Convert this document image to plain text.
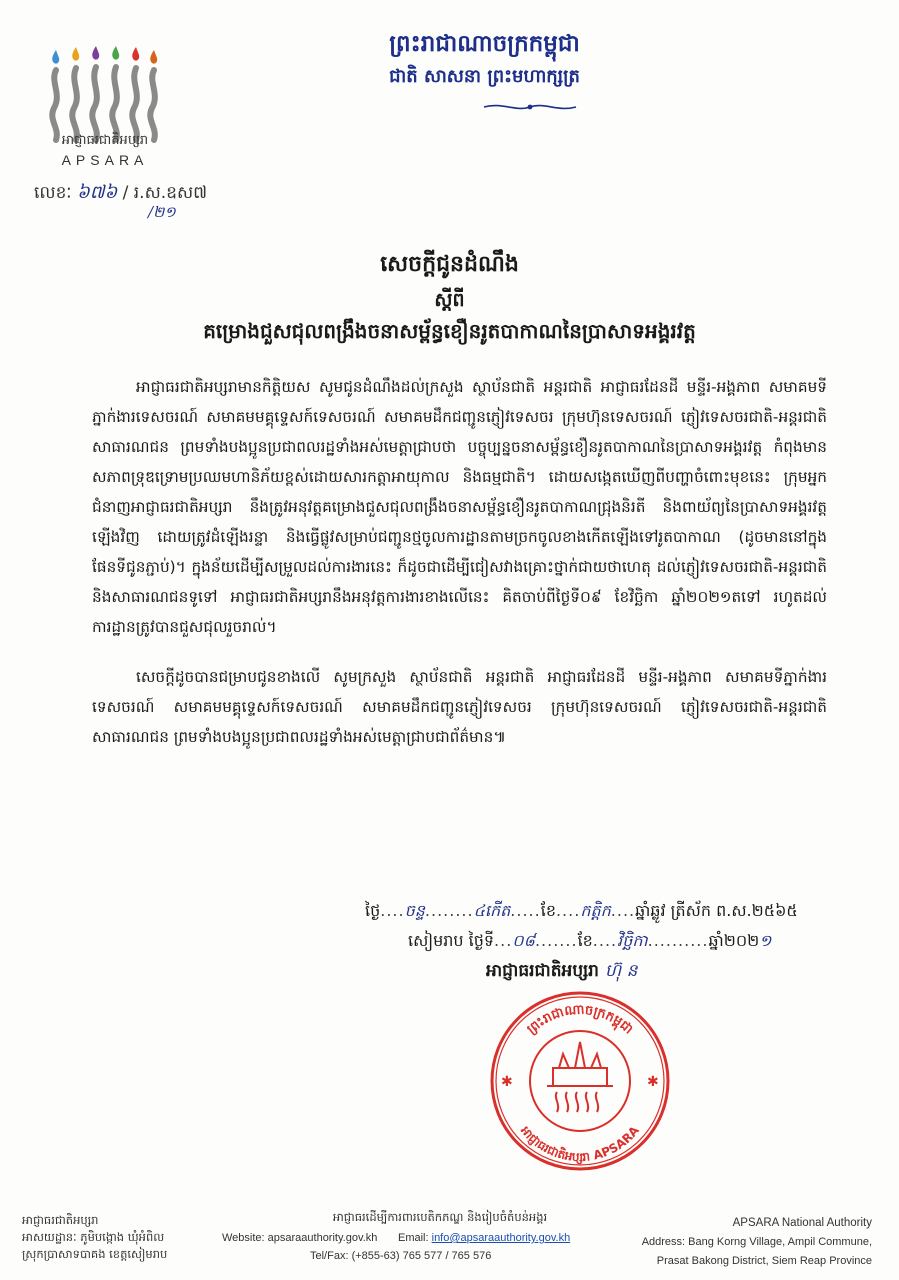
អាជ្ញាធរជាតិអប្សរា
APSARA
លេខៈ ៦៧៦ / រ.ស.ឧស៧
/២១
ព្រះរាជាណាចក្រកម្ពុជា
ជាតិ សាសនា ព្រះមហាក្សត្រ
សេចក្ដីជូនដំណឹង
ស្ដីពី
គម្រោងជួសជុលពង្រឹងចនាសម្ព័ន្ធខឿនរូតបាកាណនៃប្រាសាទអង្គរវត្ត

អាជ្ញាធរជាតិអប្សរាមានកិត្តិយស សូមជូនដំណឹងដល់ក្រសួង ស្ថាប័នជាតិ អន្តរជាតិ អាជ្ញាធរដែនដី មន្ទីរ-អង្គភាព សមាគមទីភ្នាក់ងារទេសចរណ៍ សមាគមមគ្គុទ្ទេសក៍ទេសចរណ៍ សមាគមដឹកជញ្ជូនភ្ញៀវទេសចរ ក្រុមហ៊ុនទេសចរណ៍ ភ្ញៀវទេសចរជាតិ-អន្តរជាតិ សាធារណជន ព្រមទាំងបងប្អូនប្រជាពលរដ្ឋទាំងអស់មេត្តាជ្រាបថា បច្ចុប្បន្នចនាសម្ព័ន្ធខឿនរូតបាកាណនៃប្រាសាទអង្គរវត្ត កំពុងមានសភាពទ្រុឌទ្រោមប្រឈមហានិភ័យខ្ពស់ដោយសារកត្តាអាយុកាល និងធម្មជាតិ។ ដោយសង្កេតឃើញពីបញ្ហាចំពោះមុខនេះ ក្រុមអ្នកជំនាញអាជ្ញាធរជាតិអប្សរា នឹងត្រូវអនុវត្តគម្រោងជួសជុលពង្រឹងចនាសម្ព័ន្ធខឿនរូតបាកាណជ្រុងនិរតី និងពាយ័ព្យនៃប្រាសាទអង្គរវត្តឡើងវិញ ដោយត្រូវដំឡើងរន្ទា និងធ្វើផ្លូវសម្រាប់ជញ្ជូនថ្មចូលការដ្ឋានតាមច្រកចូលខាងកើតឡើងទៅរូតបាកាណ (ដូចមាននៅក្នុងផែនទីជូនភ្ជាប់)។ ក្នុងន័យដើម្បីសម្រួលដល់ការងារនេះ ក៏ដូចជាដើម្បីជៀសវាងគ្រោះថ្នាក់ជាយថាហេតុ ដល់ភ្ញៀវទេសចរជាតិ-អន្តរជាតិ និងសាធារណជនទូទៅ អាជ្ញាធរជាតិអប្សរានឹងអនុវត្តការងារខាងលើនេះ គិតចាប់ពីថ្ងៃទី០៩ ខែវិច្ឆិកា ឆ្នាំ២០២១តទៅ រហូតដល់ការដ្ឋានត្រូវបានជួសជុលរួចរាល់។

សេចក្ដីដូចបានជម្រាបជូនខាងលើ សូមក្រសួង ស្ថាប័នជាតិ អន្តរជាតិ អាជ្ញាធរដែនដី មន្ទីរ-អង្គភាព សមាគមទីភ្នាក់ងារទេសចរណ៍ សមាគមមគ្គុទ្ទេសក៍ទេសចរណ៍ សមាគមដឹកជញ្ជូនភ្ញៀវទេសចរ ក្រុមហ៊ុនទេសចរណ៍ ភ្ញៀវទេសចរជាតិ-អន្តរជាតិ សាធារណជន ព្រមទាំងបងប្អូនប្រជាពលរដ្ឋទាំងអស់មេត្តាជ្រាបជាព័ត៌មាន៕

ថ្ងៃ....ចន្ទ........៤កើត.....ខែ....កត្តិក....ឆ្នាំឆ្លូវ ត្រីស័ក ព.ស.២៥៦៥
សៀមរាប ថ្ងៃទី...០៨.......ខែ....វិច្ឆិកា..........ឆ្នាំ២០២១
អាជ្ញាធរជាតិអប្សរា ហ៊ុ ន
ព្រះរាជាណាចក្រកម្ពុជា
អាជ្ញាធរជាតិអប្សរា APSARA
✱	✱
អាជ្ញាធរជាតិអប្សរា
អាសយដ្ឋានៈ ភូមិបង្កោង ឃុំអំពិល
ស្រុកប្រាសាទបាគង ខេត្តសៀមរាប
អាជ្ញាធរដើម្បីការពារបេតិកភណ្ឌ និងរៀបចំតំបន់អង្គរ
Website: apsaraauthority.gov.kh Email: info@apsaraauthority.gov.kh
Tel/Fax: (+855-63) 765 577 / 765 576
APSARA National Authority
Address: Bang Korng Village, Ampil Commune,
Prasat Bakong District, Siem Reap Province
